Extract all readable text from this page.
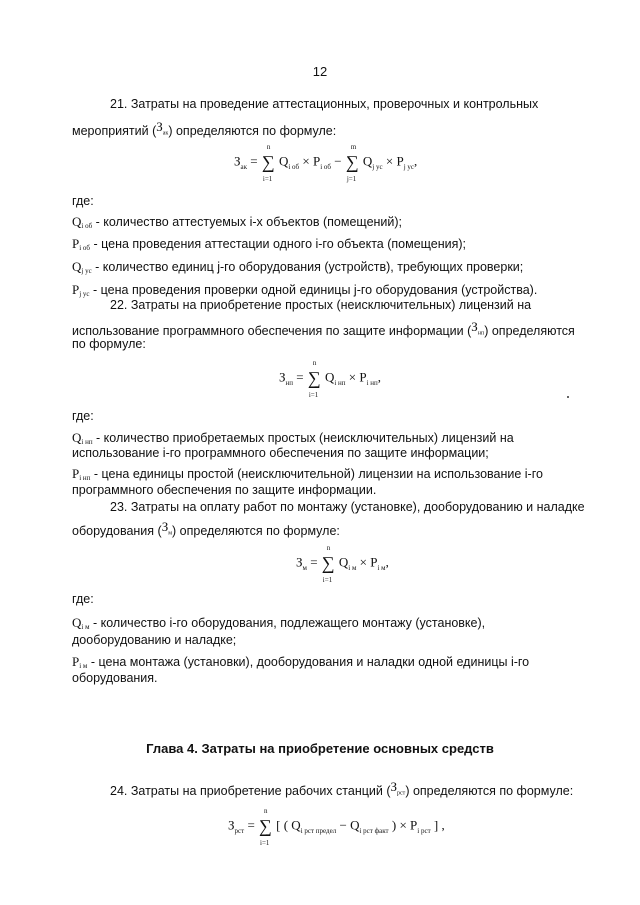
12
21. Затраты на проведение аттестационных, проверочных и контрольных
мероприятий $(З_{ак})$ определяются по формуле:
$З_{ак}$ =
n
∑
i=1
$Q_{i об} \times P_{i об}$ −
m
∑
j=1
$Q_{j ус} \times P_{j ус}$,
где:
$Q_{i об}$ - количество аттестуемых i-х объектов (помещений);
$P_{i об}$ - цена проведения аттестации одного i-го объекта (помещения);
$Q_{j ус}$ - количество единиц j-го оборудования (устройств), требующих проверки;
$P_{j ус}$ - цена проведения проверки одной единицы j-го оборудования (устройства).
22. Затраты на приобретение простых (неисключительных) лицензий на
использование программного обеспечения по защите информации $(З_{нп})$ определяются
по формуле:
$З_{нп}$ =
n
∑
i=1
$Q_{i нп} \times P_{i нп}$,
где:
$Q_{i нп}$ - количество приобретаемых простых (неисключительных) лицензий на
использование i-го программного обеспечения по защите информации;
$P_{i нп}$ - цена единицы простой (неисключительной) лицензии на использование i-го
программного обеспечения по защите информации.
23. Затраты на оплату работ по монтажу (установке), дооборудованию и наладке
оборудования $(З_м)$ определяются по формуле:
$З_м$ =
n
∑
i=1
$Q_{i м} \times P_{i м}$,
где:
$Q_{i м}$ - количество i-го оборудования, подлежащего монтажу (установке),
дооборудованию и наладке;
$P_{i м}$ - цена монтажа (установки), дооборудования и наладки одной единицы i-го
оборудования.
Глава 4. Затраты на приобретение основных средств
24. Затраты на приобретение рабочих станций $(З_{рст})$ определяются по формуле:
$З_{рст}$ =
n
∑
i=1
[ ( $Q_{i рст предел} - Q_{i рст факт}$ ) × $P_{i рст}$ ] ,
